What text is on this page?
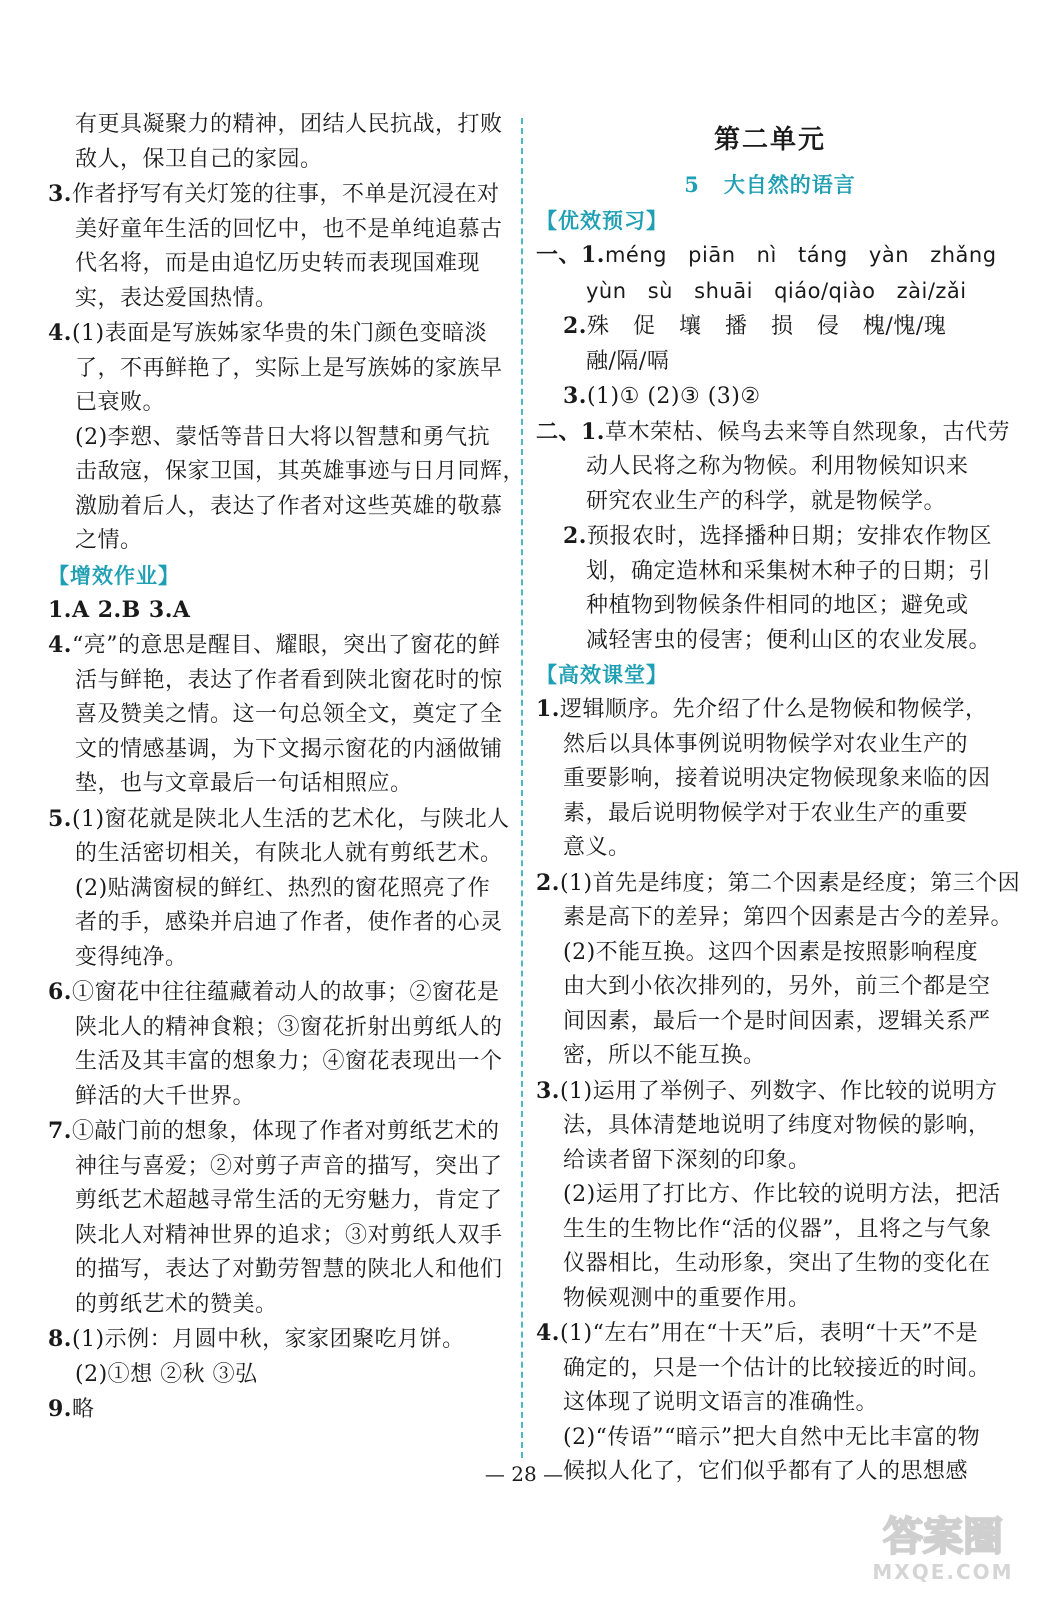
有更具凝聚力的精神，团结人民抗战，打败
敌人，保卫自己的家园。
3.作者抒写有关灯笼的往事，不单是沉浸在对
美好童年生活的回忆中，也不是单纯追慕古
代名将，而是由追忆历史转而表现国难现
实，表达爱国热情。
4.(1)表面是写族姊家华贵的朱门颜色变暗淡
了，不再鲜艳了，实际上是写族姊的家族早
已衰败。
(2)李愬、蒙恬等昔日大将以智慧和勇气抗
击敌寇，保家卫国，其英雄事迹与日月同辉，
激励着后人，表达了作者对这些英雄的敬慕
之情。
【增效作业】
1.A 2.B 3.A
4.“亮”的意思是醒目、耀眼，突出了窗花的鲜
活与鲜艳，表达了作者看到陕北窗花时的惊
喜及赞美之情。这一句总领全文，奠定了全
文的情感基调，为下文揭示窗花的内涵做铺
垫，也与文章最后一句话相照应。
5.(1)窗花就是陕北人生活的艺术化，与陕北人
的生活密切相关，有陕北人就有剪纸艺术。
(2)贴满窗棂的鲜红、热烈的窗花照亮了作
者的手，感染并启迪了作者，使作者的心灵
变得纯净。
6.①窗花中往往蕴藏着动人的故事；②窗花是
陕北人的精神食粮；③窗花折射出剪纸人的
生活及其丰富的想象力；④窗花表现出一个
鲜活的大千世界。
7.①敲门前的想象，体现了作者对剪纸艺术的
神往与喜爱；②对剪子声音的描写，突出了
剪纸艺术超越寻常生活的无穷魅力，肯定了
陕北人对精神世界的追求；③对剪纸人双手
的描写，表达了对勤劳智慧的陕北人和他们
的剪纸艺术的赞美。
8.(1)示例：月圆中秋，家家团聚吃月饼。
(2)①想 ②秋 ③弘
9.略
第二单元
5 大自然的语言
【优效预习】
一、1.méng piān nì táng yàn zhǎng
yùn sù shuāi qiáo/qiào zài/zǎi
2.殊 促 壤 播 损 侵 槐/愧/瑰
融/隔/嗝
3.(1)① (2)③ (3)②
二、1.草木荣枯、候鸟去来等自然现象，古代劳
动人民将之称为物候。利用物候知识来
研究农业生产的科学，就是物候学。
2.预报农时，选择播种日期；安排农作物区
划，确定造林和采集树木种子的日期；引
种植物到物候条件相同的地区；避免或
减轻害虫的侵害；便利山区的农业发展。
【高效课堂】
1.逻辑顺序。先介绍了什么是物候和物候学，
然后以具体事例说明物候学对农业生产的
重要影响，接着说明决定物候现象来临的因
素，最后说明物候学对于农业生产的重要
意义。
2.(1)首先是纬度；第二个因素是经度；第三个因
素是高下的差异；第四个因素是古今的差异。
(2)不能互换。这四个因素是按照影响程度
由大到小依次排列的，另外，前三个都是空
间因素，最后一个是时间因素，逻辑关系严
密，所以不能互换。
3.(1)运用了举例子、列数字、作比较的说明方
法，具体清楚地说明了纬度对物候的影响，
给读者留下深刻的印象。
(2)运用了打比方、作比较的说明方法，把活
生生的生物比作“活的仪器”，且将之与气象
仪器相比，生动形象，突出了生物的变化在
物候观测中的重要作用。
4.(1)“左右”用在“十天”后，表明“十天”不是
确定的，只是一个估计的比较接近的时间。
这体现了说明文语言的准确性。
(2)“传语”“暗示”把大自然中无比丰富的物
候拟人化了，它们似乎都有了人的思想感
— 28 —
答案圈
MXQE.COM
